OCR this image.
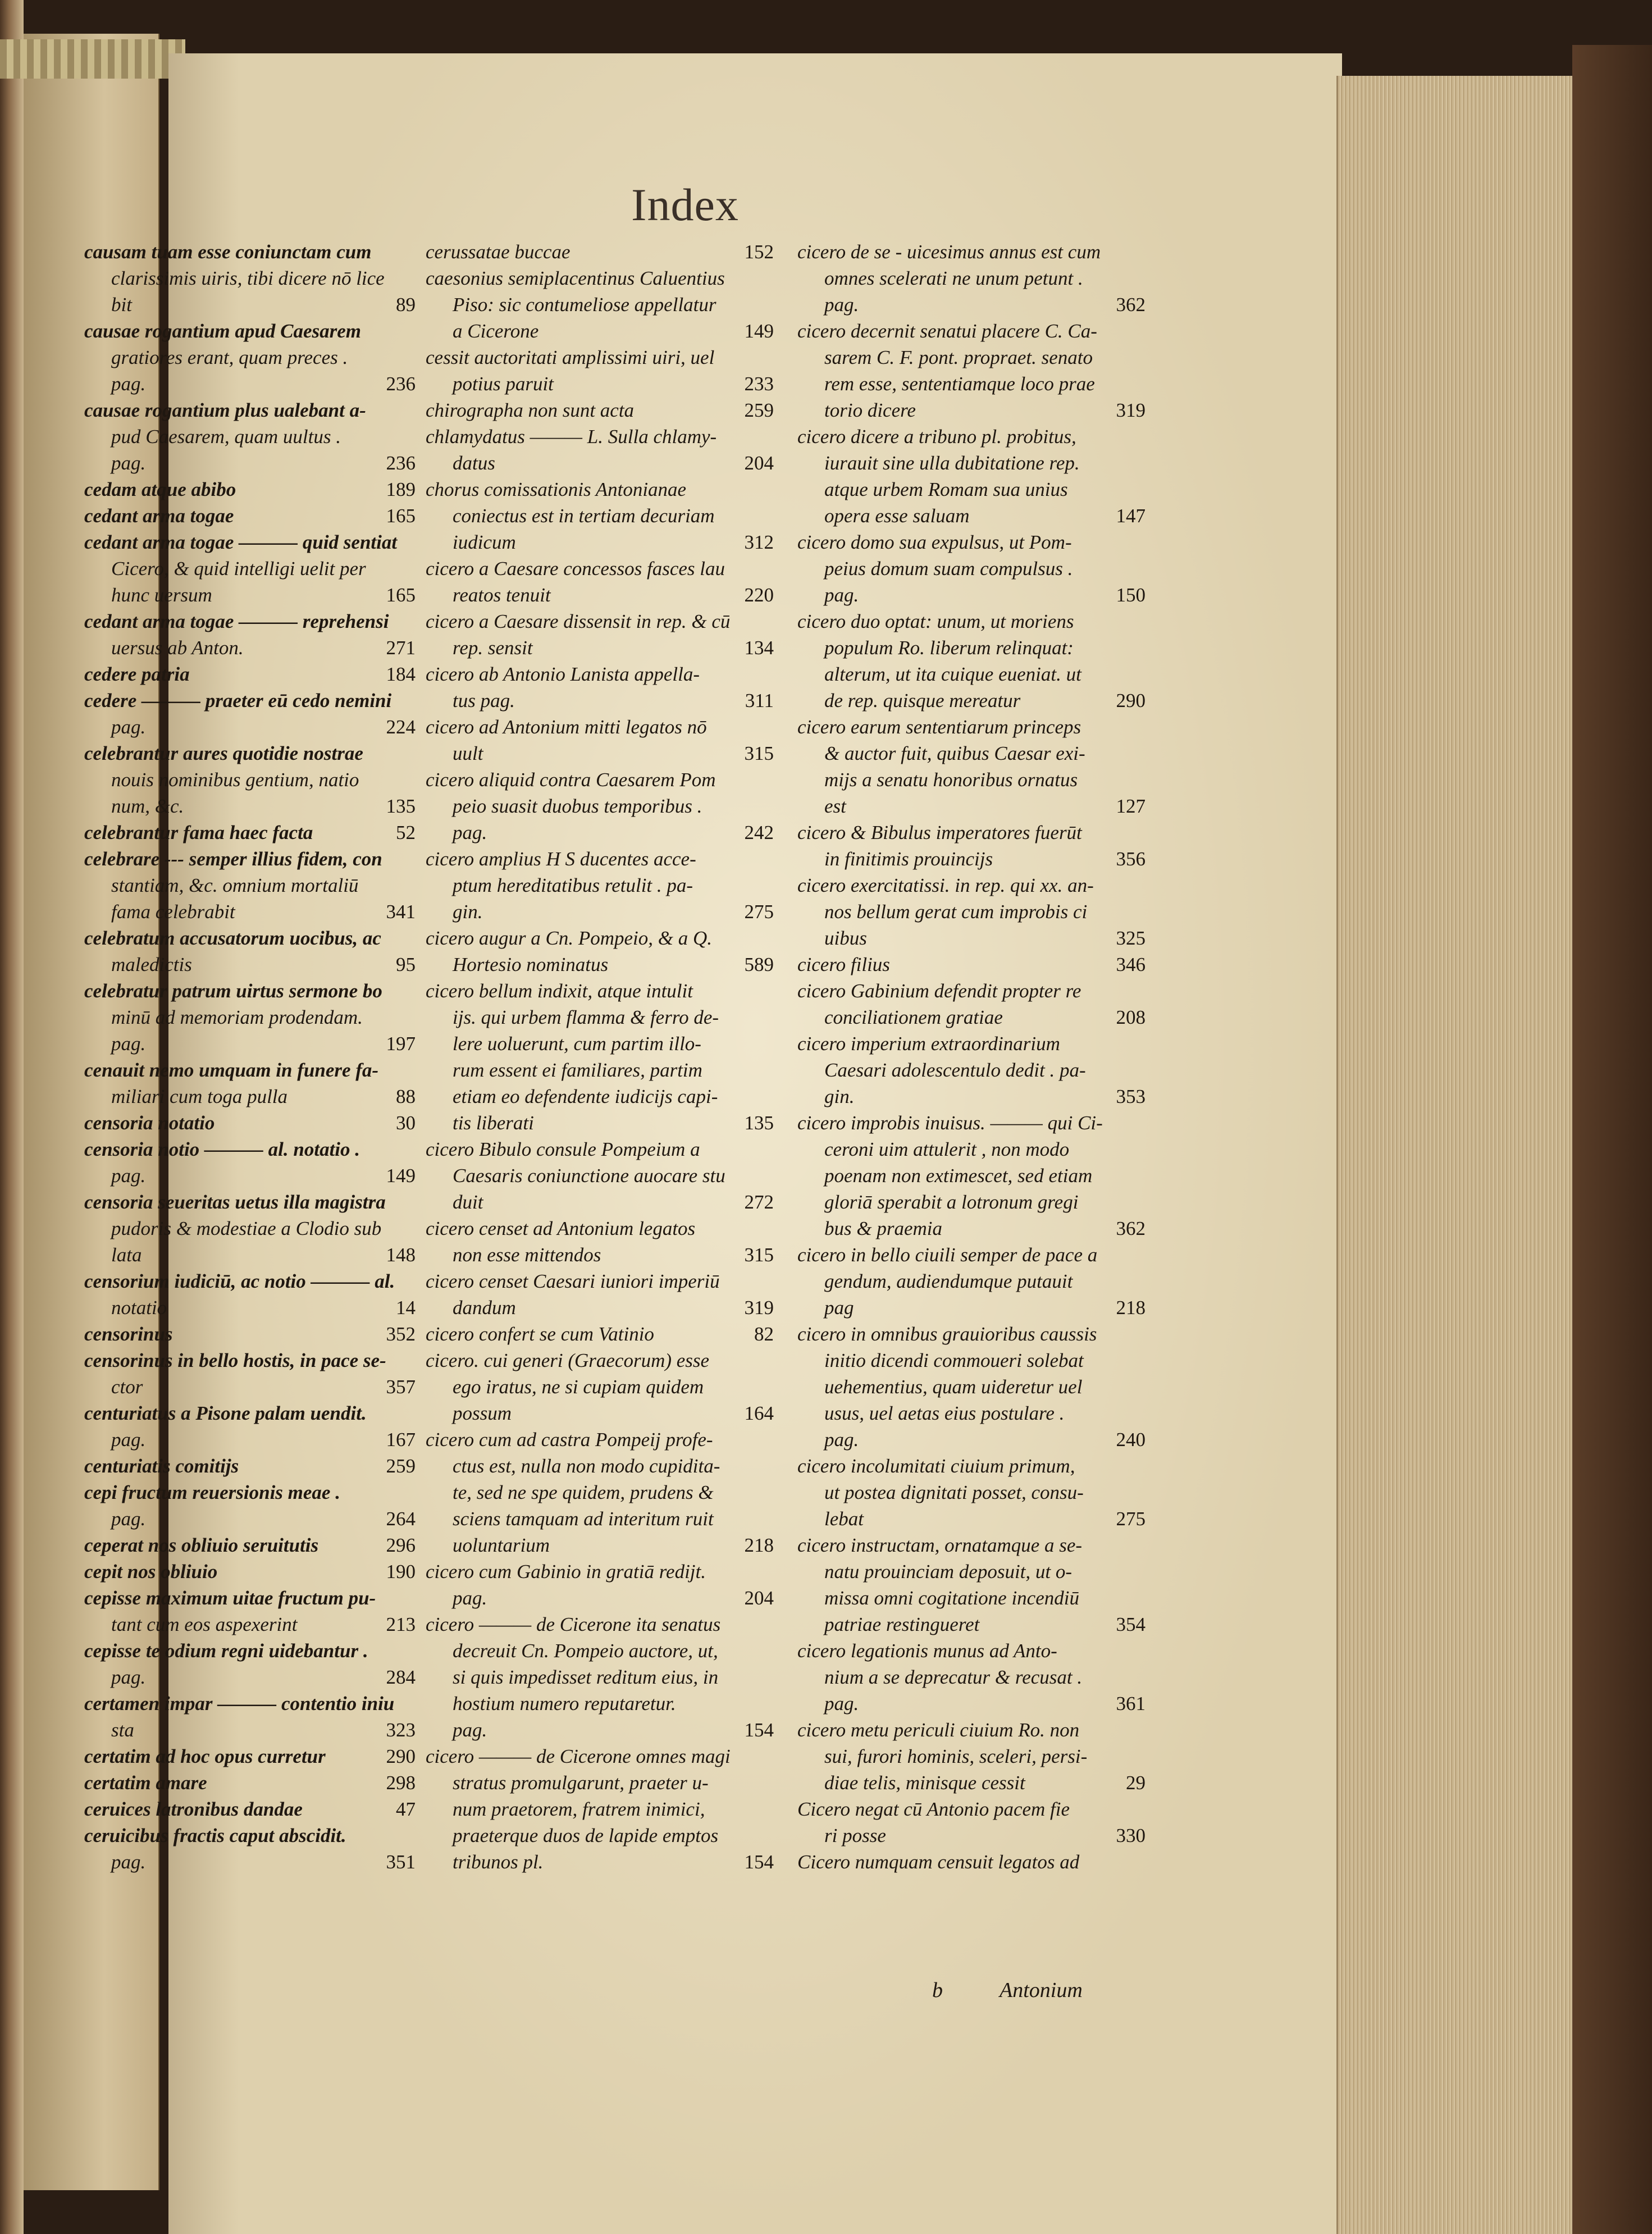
Index
causam tuam esse coniunctam cum
clarissimis uiris, tibi dicere nō lice
bit	89
causae rogantium apud Caesarem
gratiores erant, quam preces .
pag.	236
causae rogantium plus ualebant a-
pud Caesarem, quam uultus .
pag.	236
cedam atque abibo	189
cedant arma togae	165
cedant arma togae ——— quid sentiat
Cicero, & quid intelligi uelit per
hunc uersum	165
cedant arma togae ——— reprehensi
uersus ab Anton.	271
cedere patria	184
cedere ——— praeter eū cedo nemini
pag.	224
celebrantur aures quotidie nostrae
nouis nominibus gentium, natio
num, &c.	135
celebrantur fama haec facta	52
celebrare --- semper illius fidem, con
stantiam, &c. omnium mortaliū
fama celebrabit	341
celebratum accusatorum uocibus, ac
maledictis	95
celebratur patrum uirtus sermone bo
minū ad memoriam prodendam.
pag.	197
cenauit nemo umquam in funere fa-
miliari cum toga pulla	88
censoria notatio	30
censoria notio ——— al. notatio .
pag.	149
censoria seueritas uetus illa magistra
pudoris & modestiae a Clodio sub
lata	148
censorium iudiciū, ac notio ——— al.
notatio	14
censorinus	352
censorinus in bello hostis, in pace se-
ctor	357
centuriatus a Pisone palam uendit.
pag.	167
centuriatis comitijs	259
cepi fructum reuersionis meae .
pag.	264
ceperat nos obliuio seruitutis	296
cepit nos obliuio	190
cepisse maximum uitae fructum pu-
tant cum eos aspexerint	213
cepisse te odium regni uidebantur .
pag.	284
certamen impar ——— contentio iniu
sta	323
certatim ad hoc opus curretur	290
certatim amare	298
ceruices latronibus dandae	47
ceruicibus fractis caput abscidit.
pag.	351
cerussatae buccae	152
caesonius semiplacentinus Caluentius
Piso: sic contumeliose appellatur
a Cicerone	149
cessit auctoritati amplissimi uiri, uel
potius paruit	233
chirographa non sunt acta	259
chlamydatus ——— L. Sulla chlamy-
datus	204
chorus comissationis Antonianae
coniectus est in tertiam decuriam
iudicum	312
cicero a Caesare concessos fasces lau
reatos tenuit	220
cicero a Caesare dissensit in rep. & cū
rep. sensit	134
cicero ab Antonio Lanista appella-
tus pag.	311
cicero ad Antonium mitti legatos nō
uult	315
cicero aliquid contra Caesarem Pom
peio suasit duobus temporibus .
pag.	242
cicero amplius H S ducentes acce-
ptum hereditatibus retulit . pa-
gin.	275
cicero augur a Cn. Pompeio, & a Q.
Hortesio nominatus	589
cicero bellum indixit, atque intulit
ijs. qui urbem flamma & ferro de-
lere uoluerunt, cum partim illo-
rum essent ei familiares, partim
etiam eo defendente iudicijs capi-
tis liberati	135
cicero Bibulo consule Pompeium a
Caesaris coniunctione auocare stu
duit	272
cicero censet ad Antonium legatos
non esse mittendos	315
cicero censet Caesari iuniori imperiū
dandum	319
cicero confert se cum Vatinio	82
cicero. cui generi (Graecorum) esse
ego iratus, ne si cupiam quidem
possum	164
cicero cum ad castra Pompeij profe-
ctus est, nulla non modo cupidita-
te, sed ne spe quidem, prudens &
sciens tamquam ad interitum ruit
uoluntarium	218
cicero cum Gabinio in gratiā redijt.
pag.	204
cicero ——— de Cicerone ita senatus
decreuit Cn. Pompeio auctore, ut,
si quis impedisset reditum eius, in
hostium numero reputaretur.
pag.	154
cicero ——— de Cicerone omnes magi
stratus promulgarunt, praeter u-
num praetorem, fratrem inimici,
praeterque duos de lapide emptos
tribunos pl.	154
cicero de se - uicesimus annus est cum
omnes scelerati ne unum petunt .
pag.	362
cicero decernit senatui placere C. Ca-
sarem C. F. pont. propraet. senato
rem esse, sententiamque loco prae
torio dicere	319
cicero dicere a tribuno pl. probitus,
iurauit sine ulla dubitatione rep.
atque urbem Romam sua unius
opera esse saluam	147
cicero domo sua expulsus, ut Pom-
peius domum suam compulsus .
pag.	150
cicero duo optat: unum, ut moriens
populum Ro. liberum relinquat:
alterum, ut ita cuique eueniat. ut
de rep. quisque mereatur	290
cicero earum sententiarum princeps
& auctor fuit, quibus Caesar exi-
mijs a senatu honoribus ornatus
est	127
cicero & Bibulus imperatores fuerūt
in finitimis prouincijs	356
cicero exercitatissi. in rep. qui xx. an-
nos bellum gerat cum improbis ci
uibus	325
cicero filius	346
cicero Gabinium defendit propter re
conciliationem gratiae	208
cicero imperium extraordinarium
Caesari adolescentulo dedit . pa-
gin.	353
cicero improbis inuisus. ——— qui Ci-
ceroni uim attulerit , non modo
poenam non extimescet, sed etiam
gloriā sperabit a lotronum gregi
bus & praemia	362
cicero in bello ciuili semper de pace a
gendum, audiendumque putauit
pag	218
cicero in omnibus grauioribus caussis
initio dicendi commoueri solebat
uehementius, quam uideretur uel
usus, uel aetas eius postulare .
pag.	240
cicero incolumitati ciuium primum,
ut postea dignitati posset, consu-
lebat	275
cicero instructam, ornatamque a se-
natu prouinciam deposuit, ut o-
missa omni cogitatione incendiū
patriae restingueret	354
cicero legationis munus ad Anto-
nium a se deprecatur & recusat .
pag.	361
cicero metu periculi ciuium Ro. non
sui, furori hominis, sceleri, persi-
diae telis, minisque cessit	29
Cicero negat cū Antonio pacem fie
ri posse	330
Cicero numquam censuit legatos ad
b	Antonium
